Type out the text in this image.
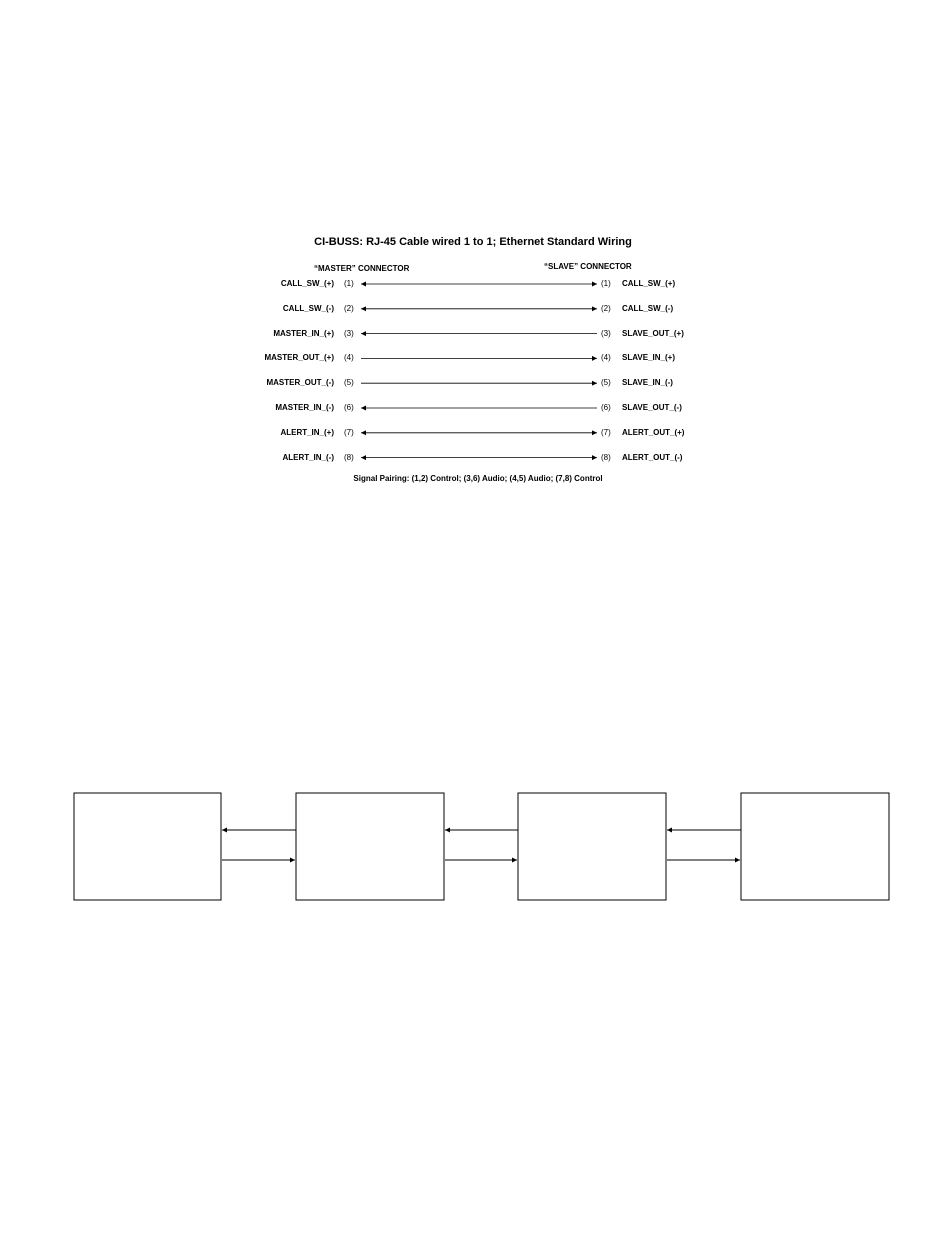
CI-BUSS: RJ-45 Cable wired 1 to 1; Ethernet Standard Wiring
“MASTER” CONNECTOR	“SLAVE” CONNECTOR
CALL_SW_(+) (1)	(1) CALL_SW_(+)
CALL_SW_(-) (2)	(2) CALL_SW_(-)
MASTER_IN_(+) (3)	(3) SLAVE_OUT_(+)
MASTER_OUT_(+) (4)	(4) SLAVE_IN_(+)
MASTER_OUT_(-) (5)	(5) SLAVE_IN_(-)
MASTER_IN_(-) (6)	(6) SLAVE_OUT_(-)
ALERT_IN_(+) (7)	(7) ALERT_OUT_(+)
ALERT_IN_(-) (8)	(8) ALERT_OUT_(-)
Signal Pairing: (1,2) Control; (3,6) Audio; (4,5) Audio; (7,8) Control
